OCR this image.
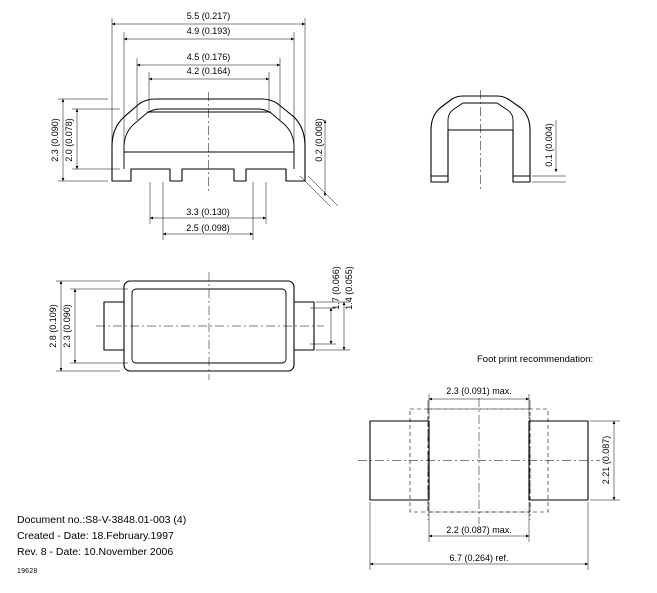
5.5 (0.217)
4.9 (0.193)
4.5 (0.176)
4.2 (0.164)
2.3 (0.090) 2.0 (0.078)	0.2 (0.008)
3.3 (0.130)
2.5 (0.098)
0.1 (0.004)
2.8 (0.109) 2.3 (0.090)
1.7 (0.066) 1.4 (0.055)
2.3 (0.091) max.
2.21 (0.087)
2.2 (0.087) max.
6.7 (0.264) ref.
Foot print recommendation:
Document no.:S8-V-3848.01-003 (4)
Created - Date: 18.February.1997
Rev. 8 - Date: 10.November 2006
19628
